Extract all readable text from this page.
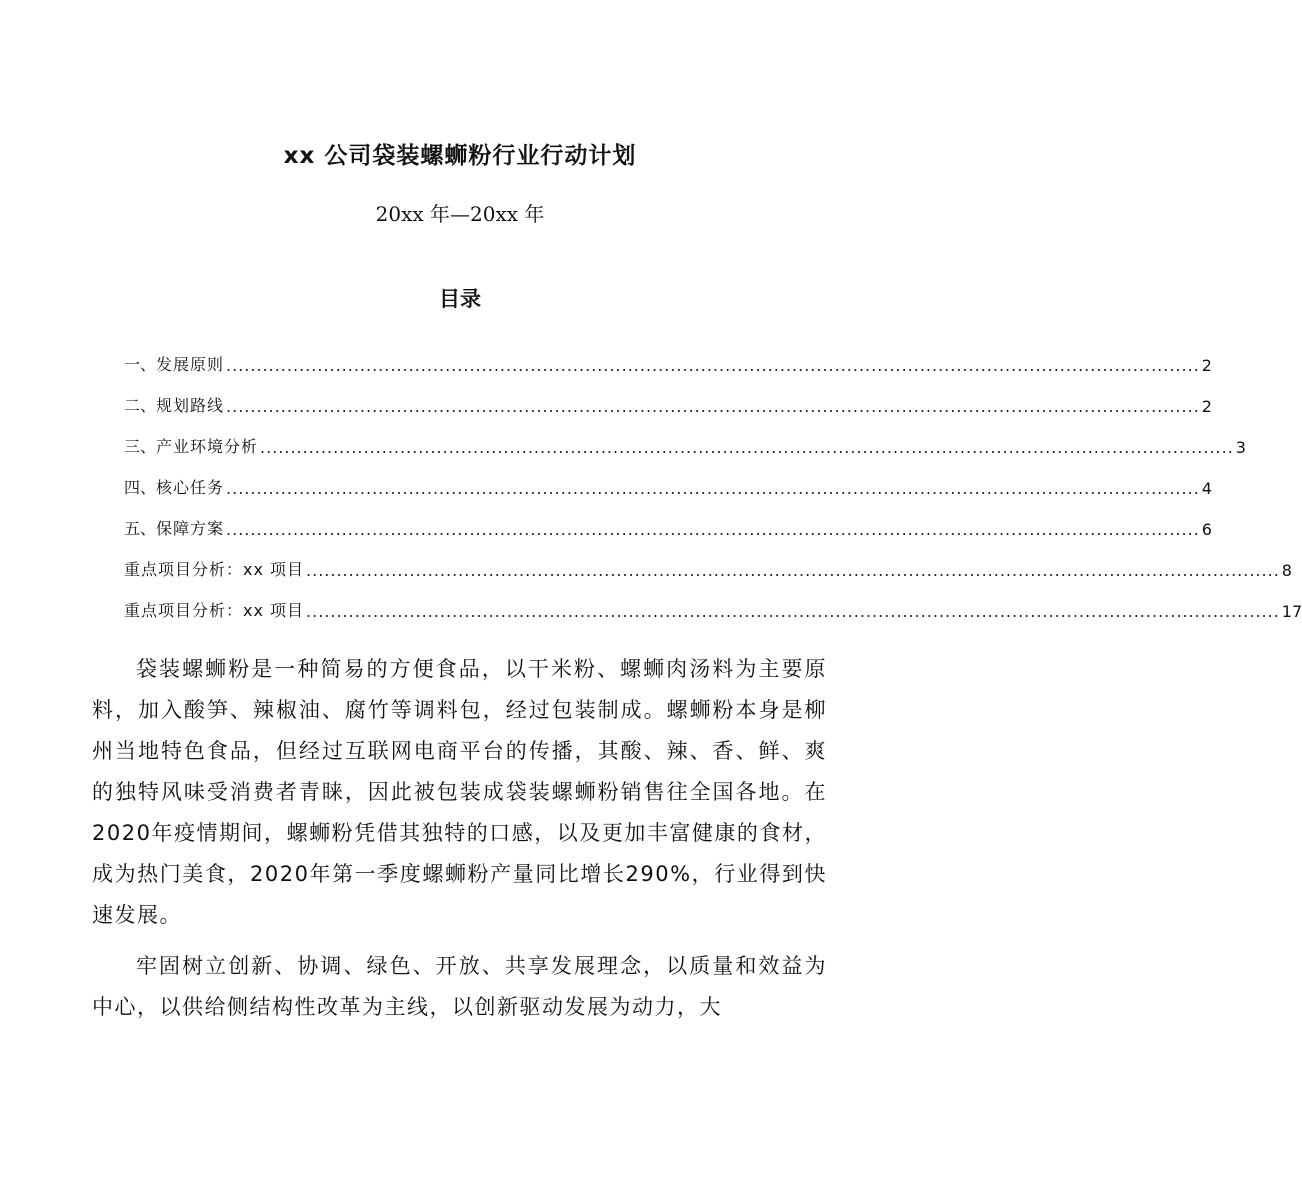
xx 公司袋装螺蛳粉行业行动计划
20xx 年—20xx 年
目录
一、 发展原则 ................................................................................................................................................................ 2
二、 规划路线 ................................................................................................................................................................ 2
三、 产业环境分析 ................................................................................................................................................................ 3
四、 核心任务 ................................................................................................................................................................ 4
五、 保障方案 ................................................................................................................................................................ 6
重点项目分析：xx 项目 ................................................................................................................................................................ 8
重点项目分析：xx 项目 ................................................................................................................................................................ 17

袋装螺蛳粉是一种简易的方便食品，以干米粉、螺蛳肉汤料为主要原料，加入酸笋、辣椒油、腐竹等调料包，经过包装制成。螺蛳粉本身是柳州当地特色食品，但经过互联网电商平台的传播，其酸、辣、香、鲜、爽的独特风味受消费者青睐，因此被包装成袋装螺蛳粉销售往全国各地。在2020年疫情期间，螺蛳粉凭借其独特的口感，以及更加丰富健康的食材，成为热门美食，2020年第一季度螺蛳粉产量同比增长290%，行业得到快速发展。

牢固树立创新、协调、绿色、开放、共享发展理念，以质量和效益为中心，以供给侧结构性改革为主线，以创新驱动发展为动力，大
